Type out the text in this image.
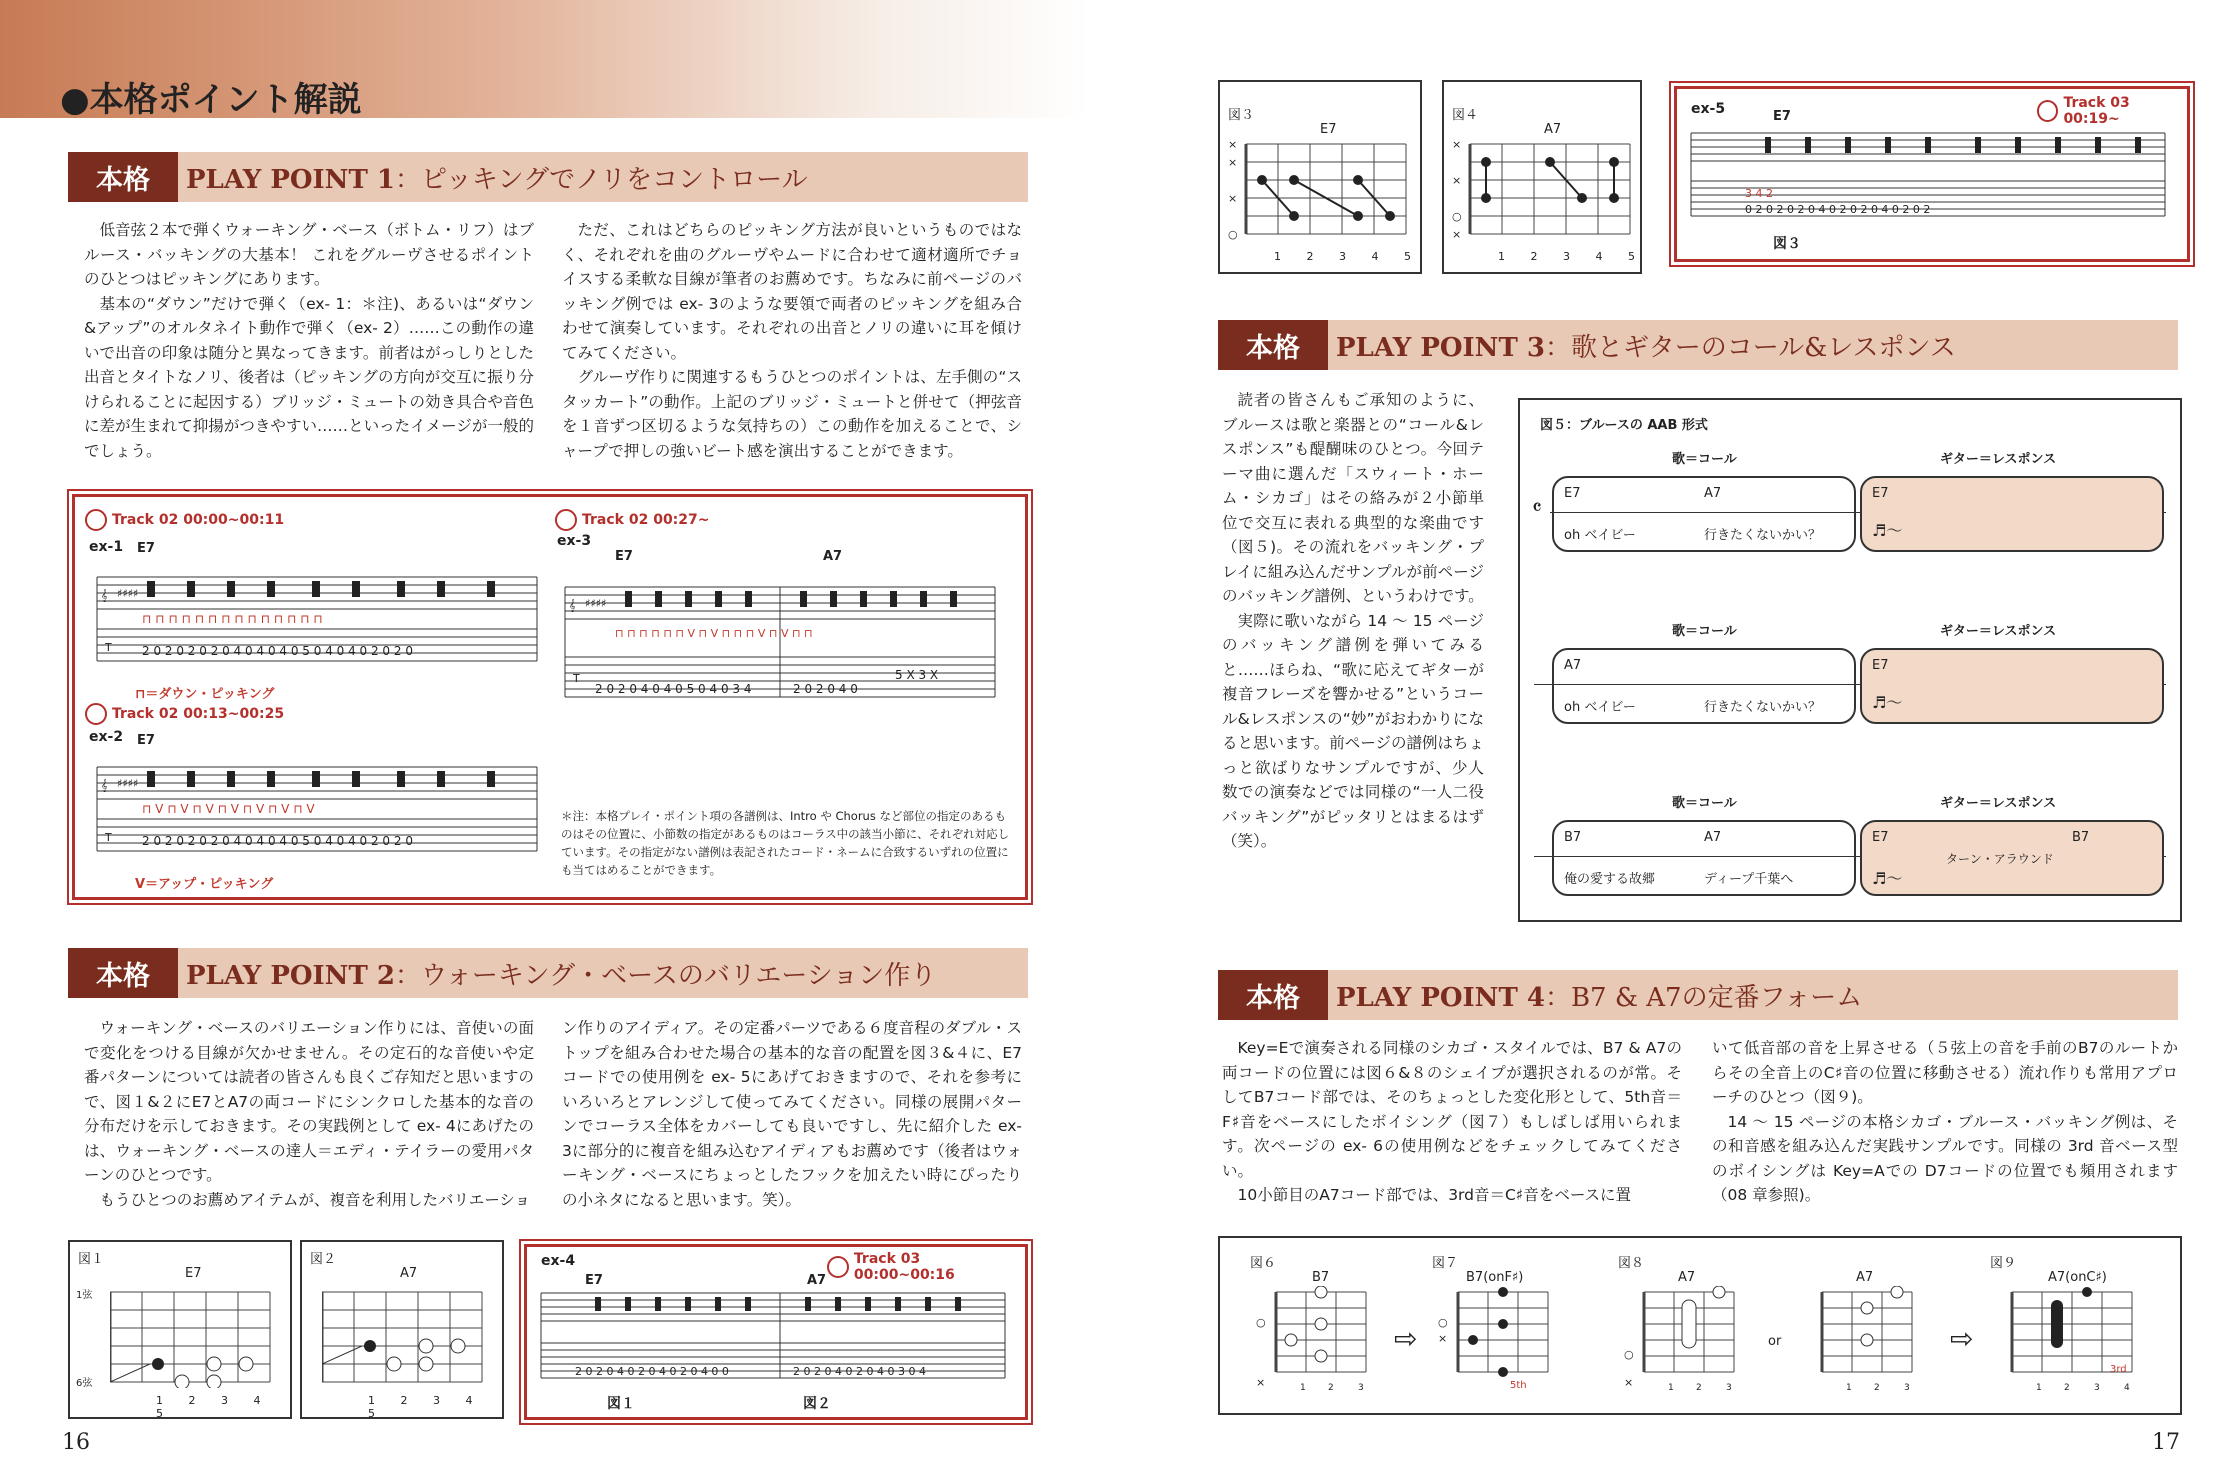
●本格ポイント解説
本格	PLAY POINT 1：ピッキングでノリをコントロール

低音弦２本で弾くウォーキング・ベース（ボトム・リフ）はブルース・バッキングの大基本！ これをグルーヴさせるポイントのひとつはピッキングにあります。

基本の“ダウン”だけで弾く（ex- 1：＊注)、あるいは“ダウン&アップ”のオルタネイト動作で弾く（ex- 2）……この動作の違いで出音の印象は随分と異なってきます。前者はがっしりとした出音とタイトなノリ、後者は（ピッキングの方向が交互に振り分けられることに起因する）ブリッジ・ミュートの効き具合や音色に差が生まれて抑揚がつきやすい……といったイメージが一般的でしょう。

ただ、これはどちらのピッキング方法が良いというものではなく、それぞれを曲のグルーヴやムードに合わせて適材適所でチョイスする柔軟な目線が筆者のお薦めです。ちなみに前ページのバッキング例では ex- 3のような要領で両者のピッキングを組み合わせて演奏しています。それぞれの出音とノリの違いに耳を傾けてみてください。

グルーヴ作りに関連するもうひとつのポイントは、左手側の“スタッカート”の動作。上記のブリッジ・ミュートと併せて（押弦音を１音ずつ区切るような気持ちの）この動作を加えることで、シャープで押しの強いビート感を演出することができます。

Track 02 00:00~00:11
ex-1
𝄞 ♯♯♯♯
T	2 0 2 0 2 0 2 0 4 0 4 0 4 0 5 0 4 0 4 0 2 0 2 0
⊓ ⊓ ⊓ ⊓ ⊓ ⊓ ⊓ ⊓ ⊓ ⊓ ⊓ ⊓ ⊓ ⊓
E7
⊓＝ダウン・ピッキング
Track 02 00:13~00:25
ex-2
𝄞 ♯♯♯♯
T	2 0 2 0 2 0 2 0 4 0 4 0 4 0 5 0 4 0 4 0 2 0 2 0
⊓ V ⊓ V ⊓ V ⊓ V ⊓ V ⊓ V ⊓ V
E7
V＝アップ・ピッキング
Track 02 00:27~
ex-3
E7	A7
𝄞 ♯♯♯♯
T
⊓ ⊓ ⊓ ⊓ ⊓ ⊓ V ⊓ V ⊓ ⊓ ⊓ V ⊓ V ⊓ ⊓
2 0 2 0 4 0 4 0 5 0 4 0 3 4	2 0 2 0 4 0
5 X 3 X
＊注：本格プレイ・ポイント項の各譜例は、Intro や Chorus など部位の指定のあるものはその位置に、小節数の指定があるものはコーラス中の該当小節に、それぞれ対応しています。その指定がない譜例は表記されたコード・ネームに合致するいずれの位置にも当てはめることができます。
本格	PLAY POINT 2：ウォーキング・ベースのバリエーション作り

ウォーキング・ベースのバリエーション作りには、音使いの面で変化をつける目線が欠かせません。その定石的な音使いや定番パターンについては読者の皆さんも良くご存知だと思いますので、図１&２にE7とA7の両コードにシンクロした基本的な音の分布だけを示しておきます。その実践例として ex- 4にあげたのは、ウォーキング・ベースの達人＝エディ・テイラーの愛用パターンのひとつです。

もうひとつのお薦めアイテムが、複音を利用したバリエーショ

ン作りのアイディア。その定番パーツである６度音程のダブル・ストップを組み合わせた場合の基本的な音の配置を図３&４に、E7コードでの使用例を ex- 5にあげておきますので、それを参考にいろいろとアレンジして使ってみてください。同様の展開パターンでコーラス全体をカバーしても良いですし、先に紹介した ex- 3に部分的に複音を組み込むアイディアもお薦めです（後者はウォーキング・ベースにちょっとしたフックを加えたい時にぴったりの小ネタになると思います。笑）。

図１
E7
1弦
6弦
1 2 3 4 5
図２
A7
1 2 3 4 5
ex-4	Track 03 00:00~00:16
E7	A7
2 0 2 0 4 0 2 0 4 0 2 0 4 0 0	2 0 2 0 4 0 2 0 4 0 3 0 4
図１	図２
16
図３
E7
×
×
×
○
1 2 3 4 5
図４
A7
×
×
○
×
1 2 3 4 5
ex-5	E7
Track 03 00:19~
0 2 0 2 0 2 0 4 0 2 0 2 0 4 0 2 0 2
3 4 2
図３
本格	PLAY POINT 3：歌とギターのコール&レスポンス

読者の皆さんもご承知のように、ブルースは歌と楽器との“コール&レスポンス”も醍醐味のひとつ。今回テーマ曲に選んだ「スウィート・ホーム・シカゴ」はその絡みが２小節単位で交互に表れる典型的な楽曲です（図５)。その流れをバッキング・プレイに組み込んだサンプルが前ページのバッキング譜例、というわけです。

実際に歌いながら 14 〜 15 ページのバッキング譜例を弾いてみると……ほらね、“歌に応えてギターが複音フレーズを響かせる”というコール&レスポンスの“妙”がおわかりになると思います。前ページの譜例はちょっと欲ばりなサンプルですが、少人数での演奏などでは同様の“一人二役バッキング”がピッタリとはまるはず（笑）。

図５：ブルースの AAB 形式
歌＝コール	ギター＝レスポンス
𝄴
E7	A7
oh ベイビー	行きたくないかい？
E7
♬～
歌＝コール	ギター＝レスポンス
A7
oh ベイビー	行きたくないかい？
E7
♬～
歌＝コール	ギター＝レスポンス
B7	A7
俺の愛する故郷	ディープ千葉へ
E7	B7
ターン・アラウンド
♬～
本格	PLAY POINT 4：B7 & A7の定番フォーム

Key=Eで演奏される同様のシカゴ・スタイルでは、B7 & A7の両コードの位置には図６&８のシェイプが選択されるのが常。そしてB7コード部では、そのちょっとした変化形として、5th音＝F♯音をベースにしたボイシング（図７）もしばしば用いられます。次ページの ex- 6の使用例などをチェックしてみてください。

10小節目のA7コード部では、3rd音＝C♯音をベースに置

いて低音部の音を上昇させる（５弦上の音を手前のB7のルートからその全音上のC♯音の位置に移動させる）流れ作りも常用アプローチのひとつ（図９)。

14 〜 15 ページの本格シカゴ・ブルース・バッキング例は、その和音感を組み込んだ実践サンプルです。同様の 3rd 音ベース型のボイシングは Key=Aでの D7コードの位置でも頻用されます（08 章参照)。

図６
B7
○
×	1 2	3
⇨
図７
B7(onF♯)
○
×
5th
図８
A7
○
×	1 2	3
or
A7
1 2	3
⇨
図９
A7(onC♯)
1 2	3	4
3rd
17
